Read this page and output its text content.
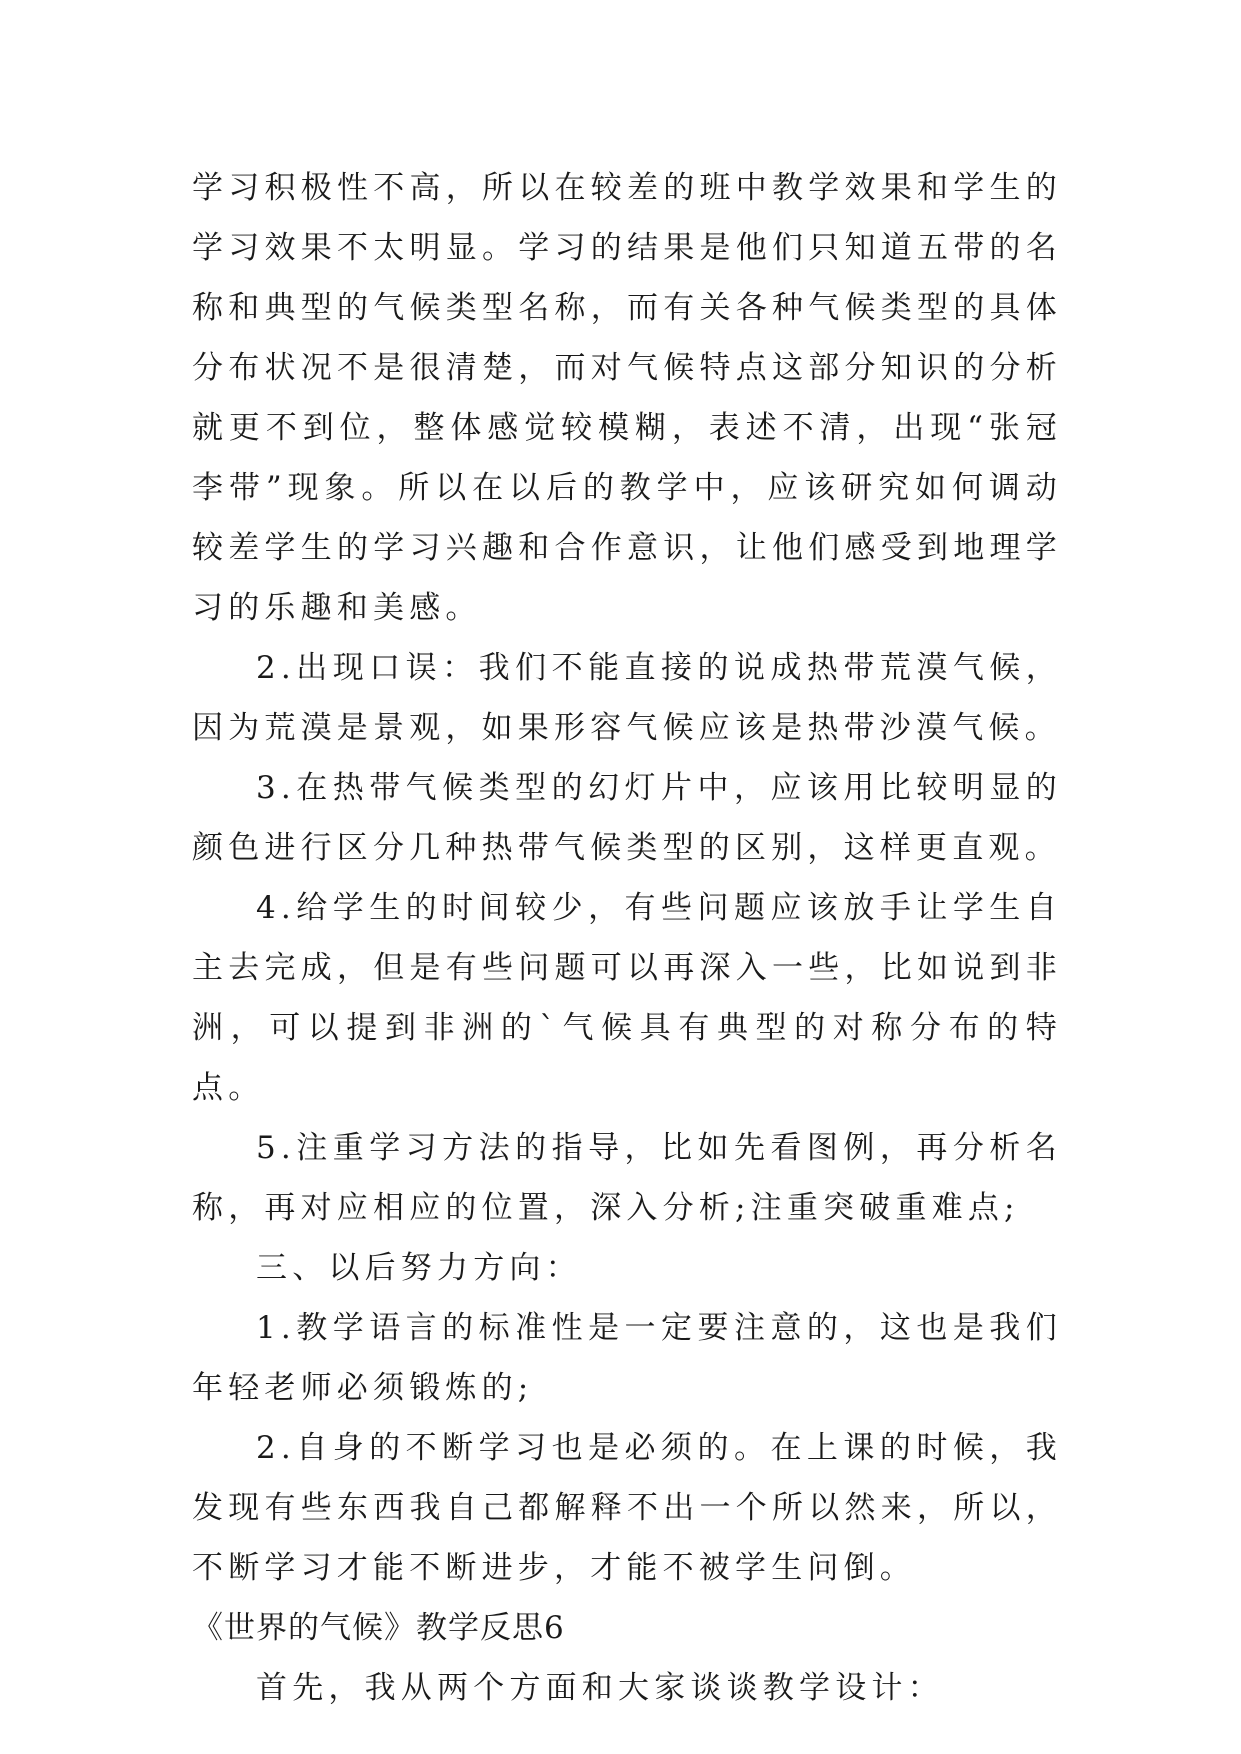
学习积极性不高，所以在较差的班中教学效果和学生的学习效果不太明显。学习的结果是他们只知道五带的名称和典型的气候类型名称，而有关各种气候类型的具体分布状况不是很清楚，而对气候特点这部分知识的分析就更不到位，整体感觉较模糊，表述不清，出现“张冠李带”现象。所以在以后的教学中，应该研究如何调动较差学生的学习兴趣和合作意识，让他们感受到地理学习的乐趣和美感。

2.出现口误：我们不能直接的说成热带荒漠气候，因为荒漠是景观，如果形容气候应该是热带沙漠气候。

3.在热带气候类型的幻灯片中，应该用比较明显的颜色进行区分几种热带气候类型的区别，这样更直观。

4.给学生的时间较少，有些问题应该放手让学生自主去完成，但是有些问题可以再深入一些，比如说到非洲，可以提到非洲的`气候具有典型的对称分布的特点。

5.注重学习方法的指导，比如先看图例，再分析名称，再对应相应的位置，深入分析;注重突破重难点;

三、以后努力方向：

1.教学语言的标准性是一定要注意的，这也是我们年轻老师必须锻炼的;

2.自身的不断学习也是必须的。在上课的时候，我发现有些东西我自己都解释不出一个所以然来，所以，不断学习才能不断进步，才能不被学生问倒。

《世界的气候》教学反思6

首先，我从两个方面和大家谈谈教学设计：
